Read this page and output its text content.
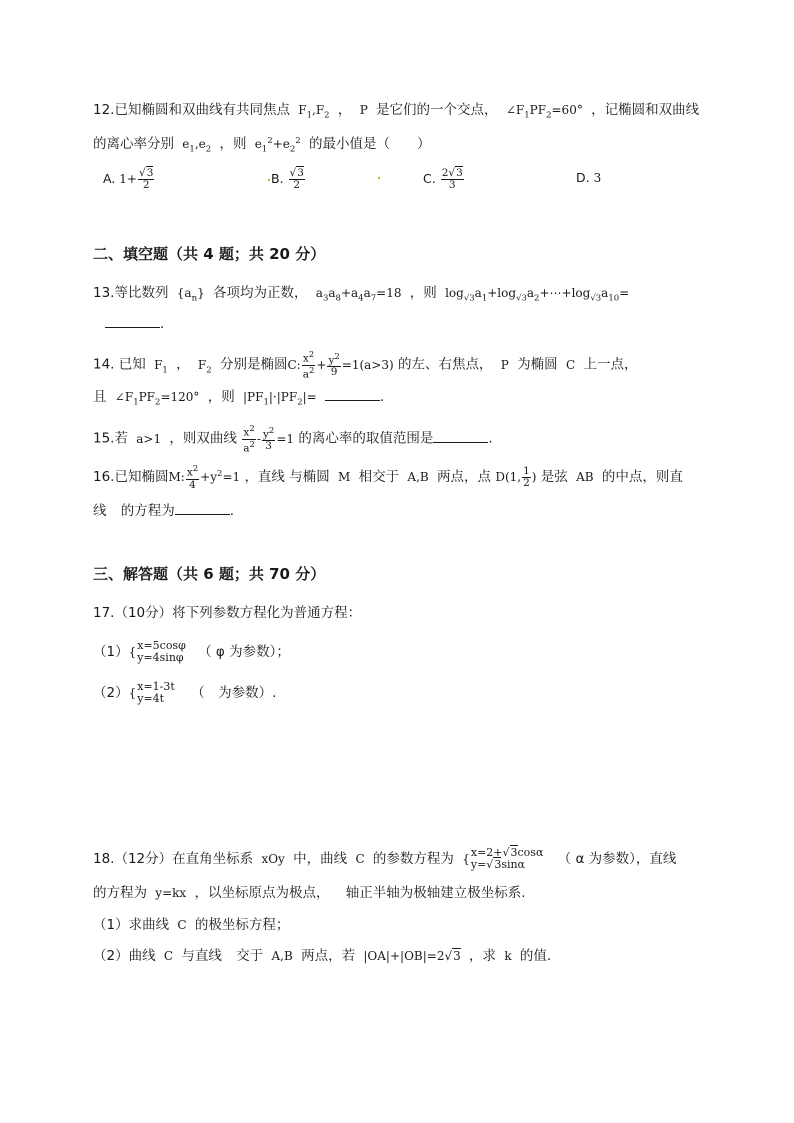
12.已知椭圆和双曲线有共同焦点 $F_1,F_2$ ， P 是它们的一个交点， $\angle F_1PF_2=60^\circ$ ，记椭圆和双曲线
的离心率分别 $e_1,e_2$ ，则 $e_1^2+e_2^2$ 的最小值是（　　）
A. $1+ \frac{√3}{2}$	B. $\frac{√3}{2}$	C. $\frac{2√3}{3}$	D. 3
二、填空题（共 4 题；共 20 分）
13.等比数列 $\{a_n\}$ 各项均为正数， $a_3a_8+a_4a_7=18$ ，则 $\log_{√3}a_1+\log_{√3}a_2+\cdots+\log_{√3}a_{10}=$
.
14. 已知 $F_1$ ， $F_2$ 分别是椭圆C: $\frac{x^2}{a^2} + \frac{y^2}{9} =1(a>3)$ 的左、右焦点， P 为椭圆 C 上一点，
且 $\angle F_1PF_2=120^\circ$ ，则 $|PF_1|\cdot|PF_2|=$	.
15.若 a>1 ，则双曲线 $\frac{x^2}{a^2} - \frac{y^2}{3} =1$ 的离心率的取值范围是	.
16.已知椭圆M: $\frac{x^2}{4} +y^2=1$ ，直线 与椭圆 M 相交于 A,B 两点，点 D(1, $\frac{1}{2}$ ) 是弦 AB 的中点，则直
线 的方程为	.
三、解答题（共 6 题；共 70 分）
17.（10分）将下列参数方程化为普通方程：
（1）{ x=5cosφ
y=4sinφ （ φ 为参数）；
（2）{ x=1-3t
y=4t	（　为参数）.
18.（12分）在直角坐标系 xOy 中，曲线 C 的参数方程为 { x=2+√3cosα
y=√3sinα	（ α 为参数），直线
的方程为 y=kx ，以坐标原点为极点， 轴正半轴为极轴建立极坐标系.
（1）求曲线 C 的极坐标方程；
（2）曲线 C 与直线 交于 A,B 两点，若 |OA|+|OB|=2√3 ，求 k 的值.
